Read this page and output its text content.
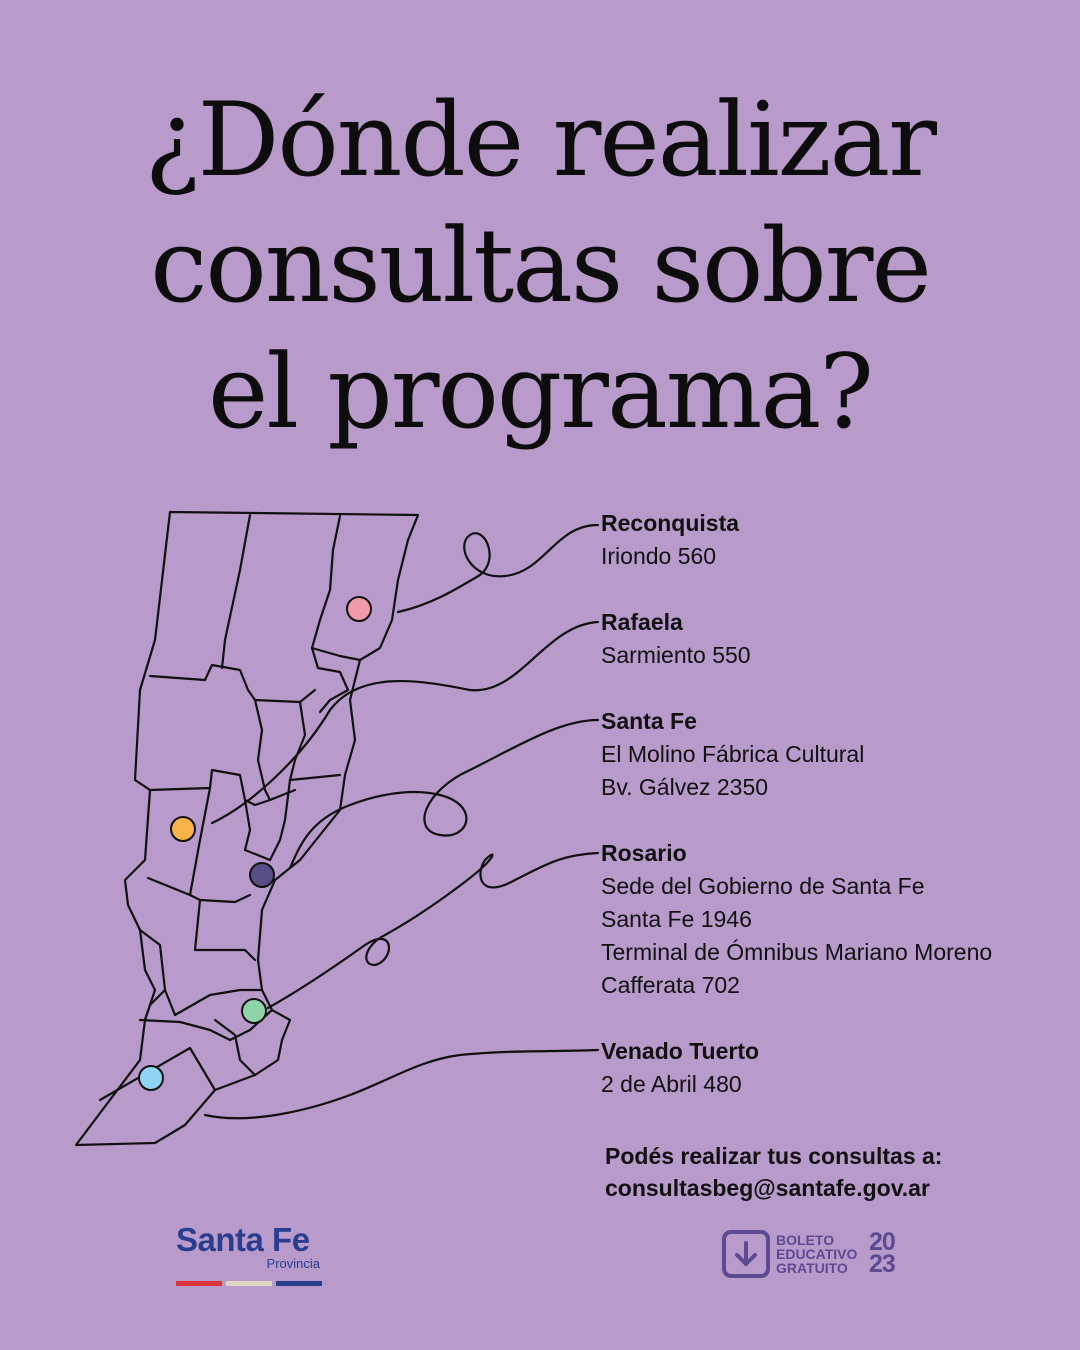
¿Dónde realizar
consultas sobre
el programa?
Reconquista
Iriondo 560
Rafaela
Sarmiento 550
Santa Fe
El Molino Fábrica Cultural
Bv. Gálvez 2350
Rosario
Sede del Gobierno de Santa Fe
Santa Fe 1946
Terminal de Ómnibus Mariano Moreno
Cafferata 702
Venado Tuerto
2 de Abril 480
Podés realizar tus consultas a:
consultasbeg@santafe.gov.ar
Santa Fe
Provincia
BOLETO
EDUCATIVO
GRATUITO
20
23
